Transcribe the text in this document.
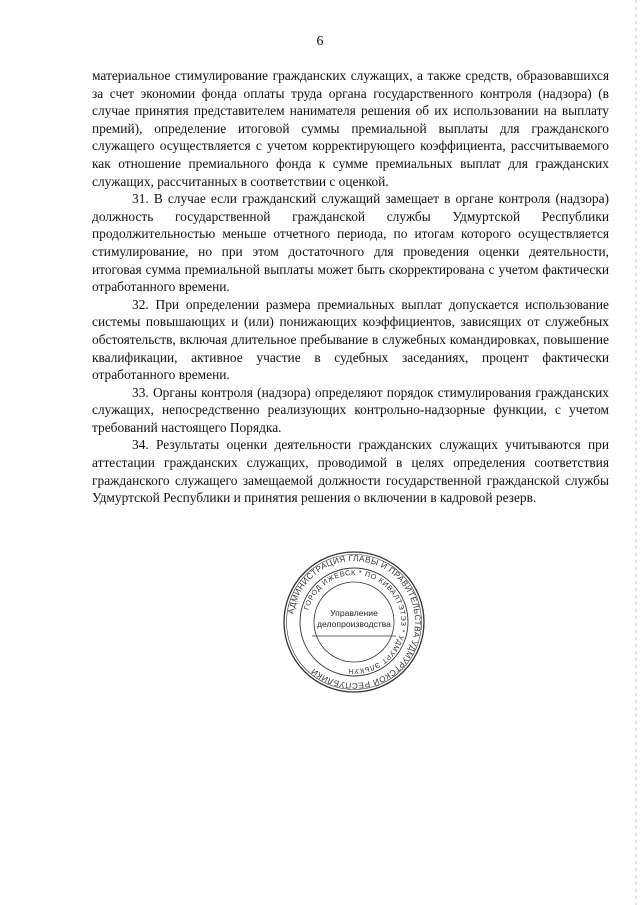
6

материальное стимулирование гражданских служащих, а также средств, образовавшихся за счет экономии фонда оплаты труда органа государственного контроля (надзора) (в случае принятия представителем нанимателя решения об их использовании на выплату премий), определение итоговой суммы премиальной выплаты для гражданского служащего осуществляется с учетом корректирующего коэффициента, рассчитываемого как отношение премиального фонда к сумме премиальных выплат для гражданских служащих, рассчитанных в соответствии с оценкой.

31. В случае если гражданский служащий замещает в органе контроля (надзора) должность государственной гражданской службы Удмуртской Республики продолжительностью меньше отчетного периода, по итогам которого осуществляется стимулирование, но при этом достаточного для проведения оценки деятельности, итоговая сумма премиальной выплаты может быть скорректирована с учетом фактически отработанного времени.

32. При определении размера премиальных выплат допускается использование системы повышающих и (или) понижающих коэффициентов, зависящих от служебных обстоятельств, включая длительное пребывание в служебных командировках, повышение квалификации, активное участие в судебных заседаниях, процент фактически отработанного времени.

33. Органы контроля (надзора) определяют порядок стимулирования гражданских служащих, непосредственно реализующих контрольно-надзорные функции, с учетом требований настоящего Порядка.

34. Результаты оценки деятельности гражданских служащих учитываются при аттестации гражданских служащих, проводимой в целях определения соответствия гражданского служащего замещаемой должности государственной гражданской службы Удмуртской Республики и принятия решения о включении в кадровой резерв.

АДМИНИСТРАЦИЯ ГЛАВЫ И ПРАВИТЕЛЬСТВА УДМУРТСКОЙ РЕСПУБЛИКИ
ГОРОД ИЖЕВСК * ПО КИВАЛТЭТЭЗ * УДМУРТ ЭЛЬКУН
Управление
делопроизводства
